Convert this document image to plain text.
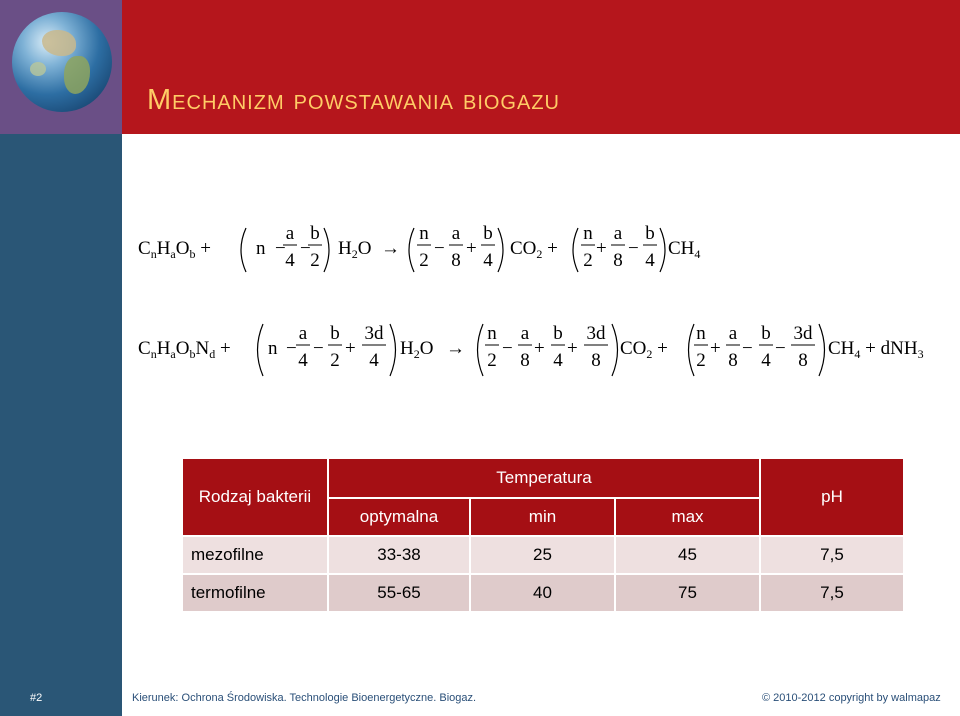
Mechanizm powstawania biogazu
$C_nH_aO_b + n$ −
a
4
−
b
2
$H_2O$ →
n
2
−
a
8
+
b
4
$CO_2$ +
n
2
+
a
8
−
b
4
$CH_4$
$C_nH_aO_bN_d + n$ −
a
4
−
b
2
+
3d
4
$H_2O$ →
n
2
−
a
8
+
b
4
+
3d
8
$CO_2$ +
n
2
+
a
8
−
b
4
−
3d
8
$CH_4 + dNH_3$
Rodzaj bakterii	Temperatura			pH
	optymalna	min	max	
mezofilne	33-38	25	45	7,5
termofilne	55-65	40	75	7,5
#2	Kierunek: Ochrona Środowiska. Technologie Bioenergetyczne. Biogaz.	© 2010-2012 copyright by walmapaz
